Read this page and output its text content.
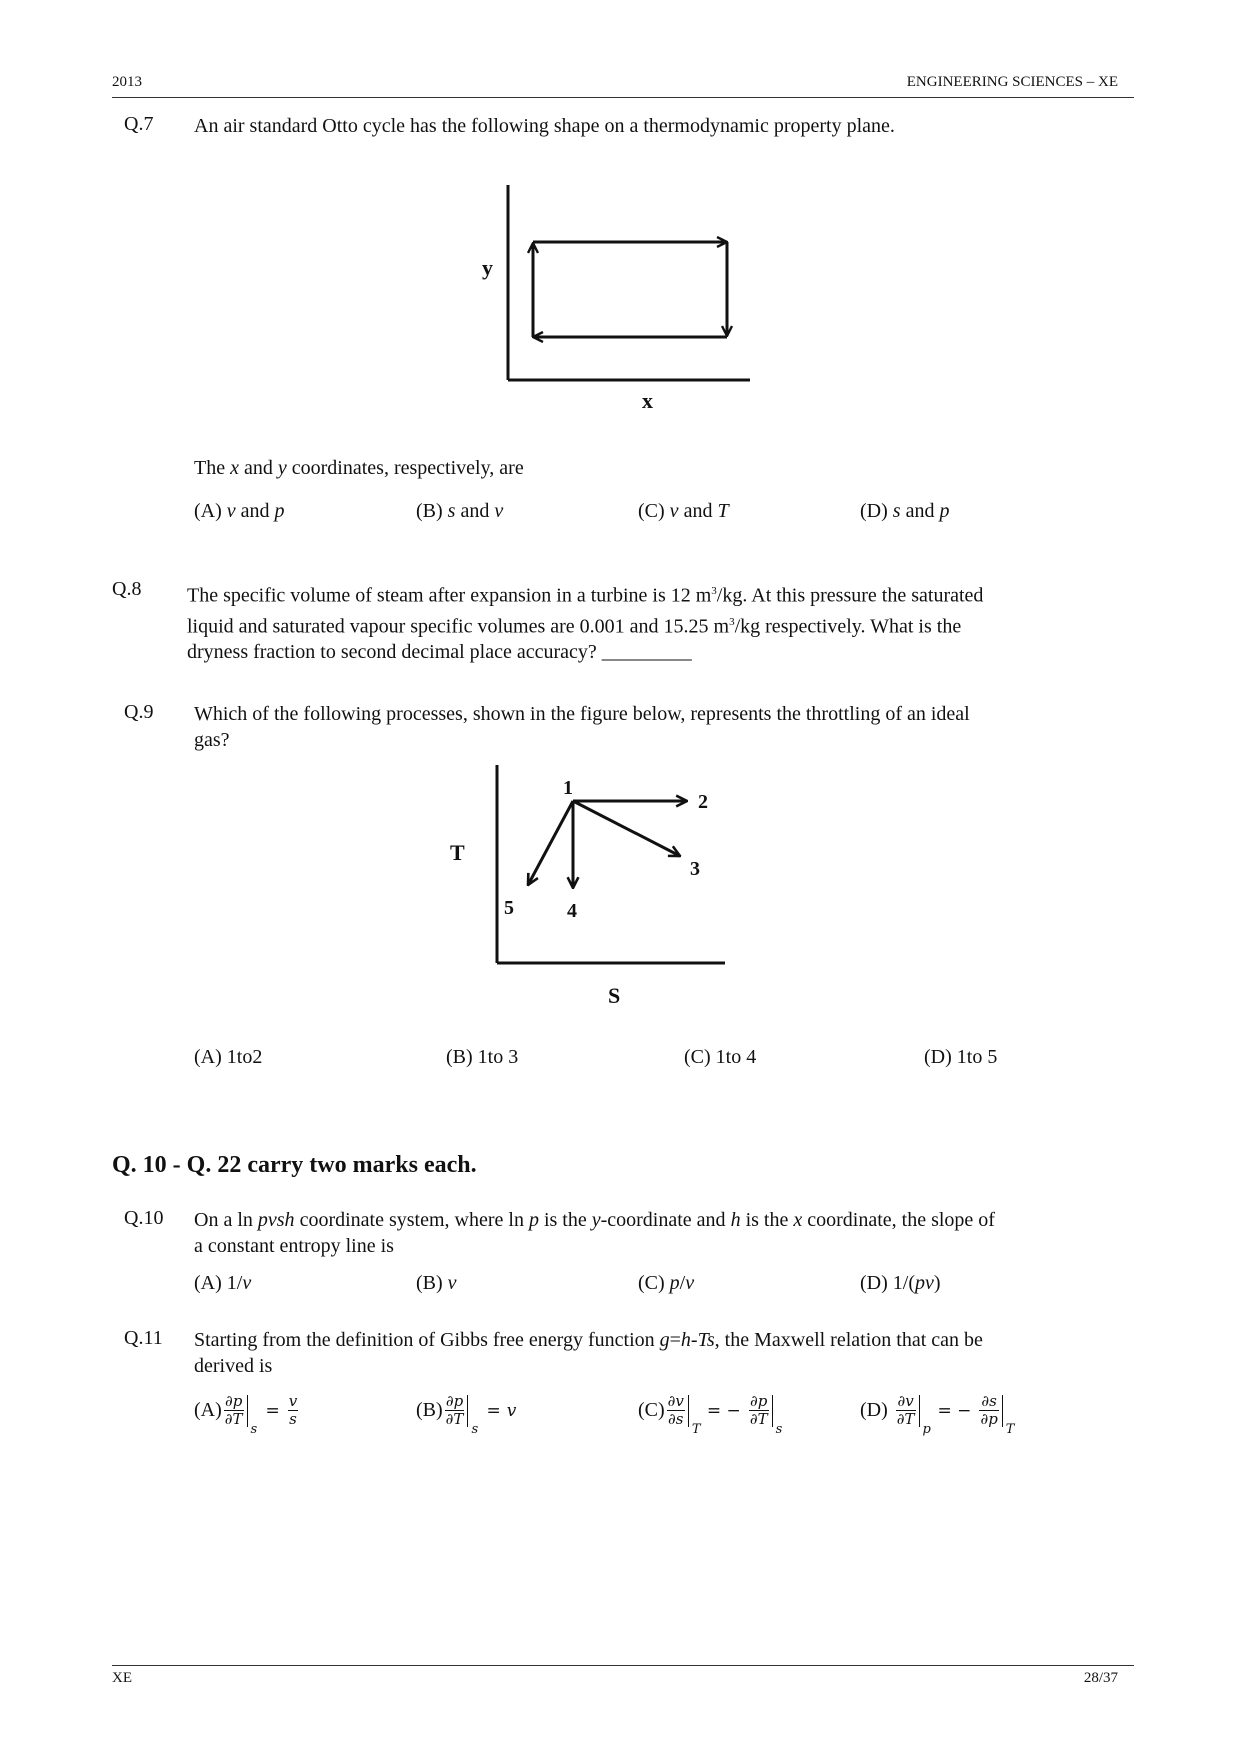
2013	ENGINEERING SCIENCES – XE
Q.7 An air standard Otto cycle has the following shape on a thermodynamic property plane.
y
x
The x and y coordinates, respectively, are
(A) v and p	(B) s and v	(C) v and T	(D) s and p
Q.8 The specific volume of steam after expansion in a turbine is 12 $m^3/kg$. At this pressure the saturated
liquid and saturated vapour specific volumes are 0.001 and 15.25 $m^3/kg$ respectively. What is the
dryness fraction to second decimal place accuracy? _________
Q.9 Which of the following processes, shown in the figure below, represents the throttling of an ideal
gas?
1
2
3
4
5
T
S
(A) 1to2	(B) 1to 3	(C) 1to 4	(D) 1to 5
Q. 10 - Q. 22 carry two marks each.
Q.10 On a ln pvsh coordinate system, where ln p is the y-coordinate and h is the x coordinate, the slope of
a constant entropy line is
(A) 1/v	(B) v	(C) p/v	(D) 1/(pv)
Q.11 Starting from the definition of Gibbs free energy function g=h-Ts, the Maxwell relation that can be
derived is
$(A) \frac{\partial p}{\partial T}$
s
= $\frac{v}{s}$	$(B) \frac{\partial p}{\partial T}$
s
= v	$(C) \frac{\partial v}{\partial s}$
T
= − $\frac{\partial p}{\partial T}$
s
$(D) \frac{\partial v}{\partial T}$
p
= − $\frac{\partial s}{\partial p}$
T
XE	28/37
